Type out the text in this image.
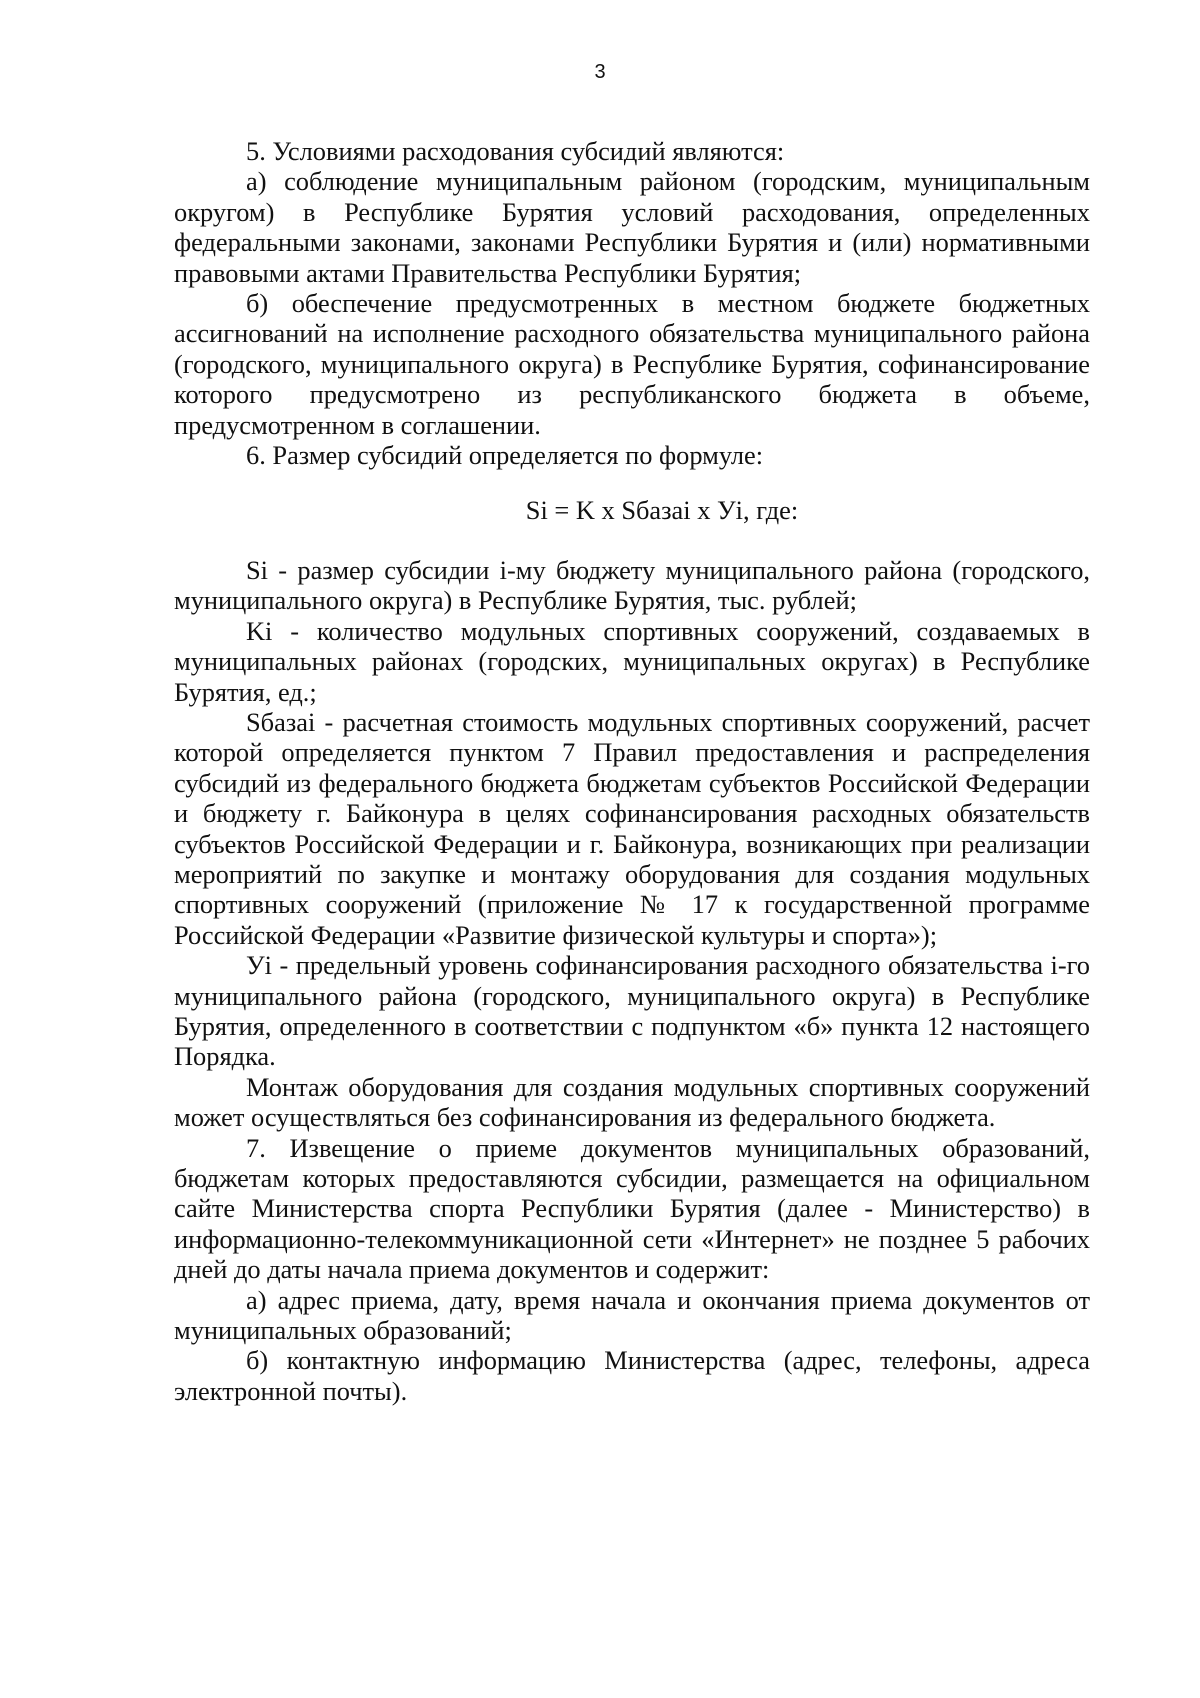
3

5. Условиями расходования субсидий являются:

а) соблюдение муниципальным районом (городским, муниципальным округом) в Республике Бурятия условий расходования, определенных федеральными законами, законами Республики Бурятия и (или) нормативными правовыми актами Правительства Республики Бурятия;

б) обеспечение предусмотренных в местном бюджете бюджетных ассигнований на исполнение расходного обязательства муниципального района (городского, муниципального округа) в Республике Бурятия, софинансирование которого предусмотрено из республиканского бюджета в объеме, предусмотренном в соглашении.

6. Размер субсидий определяется по формуле:

Si = K x Sбазаi x Уi, где:

Si - размер субсидии i-му бюджету муниципального района (городского, муниципального округа) в Республике Бурятия, тыс. рублей;

Ki - количество модульных спортивных сооружений, создаваемых в муниципальных районах (городских, муниципальных округах) в Республике Бурятия, ед.;

Sбазаi - расчетная стоимость модульных спортивных сооружений, расчет которой определяется пунктом 7 Правил предоставления и распределения субсидий из федерального бюджета бюджетам субъектов Российской Федерации и бюджету г. Байконура в целях софинансирования расходных обязательств субъектов Российской Федерации и г. Байконура, возникающих при реализации мероприятий по закупке и монтажу оборудования для создания модульных спортивных сооружений (приложение № 17 к государственной программе Российской Федерации «Развитие физической культуры и спорта»);

Уi - предельный уровень софинансирования расходного обязательства i-го муниципального района (городского, муниципального округа) в Республике Бурятия, определенного в соответствии с подпунктом «б» пункта 12 настоящего Порядка.

Монтаж оборудования для создания модульных спортивных сооружений может осуществляться без софинансирования из федерального бюджета.

7. Извещение о приеме документов муниципальных образований, бюджетам которых предоставляются субсидии, размещается на официальном сайте Министерства спорта Республики Бурятия (далее - Министерство) в информационно-телекоммуникационной сети «Интернет» не позднее 5 рабочих дней до даты начала приема документов и содержит:

а) адрес приема, дату, время начала и окончания приема документов от муниципальных образований;

б) контактную информацию Министерства (адрес, телефоны, адреса электронной почты).
